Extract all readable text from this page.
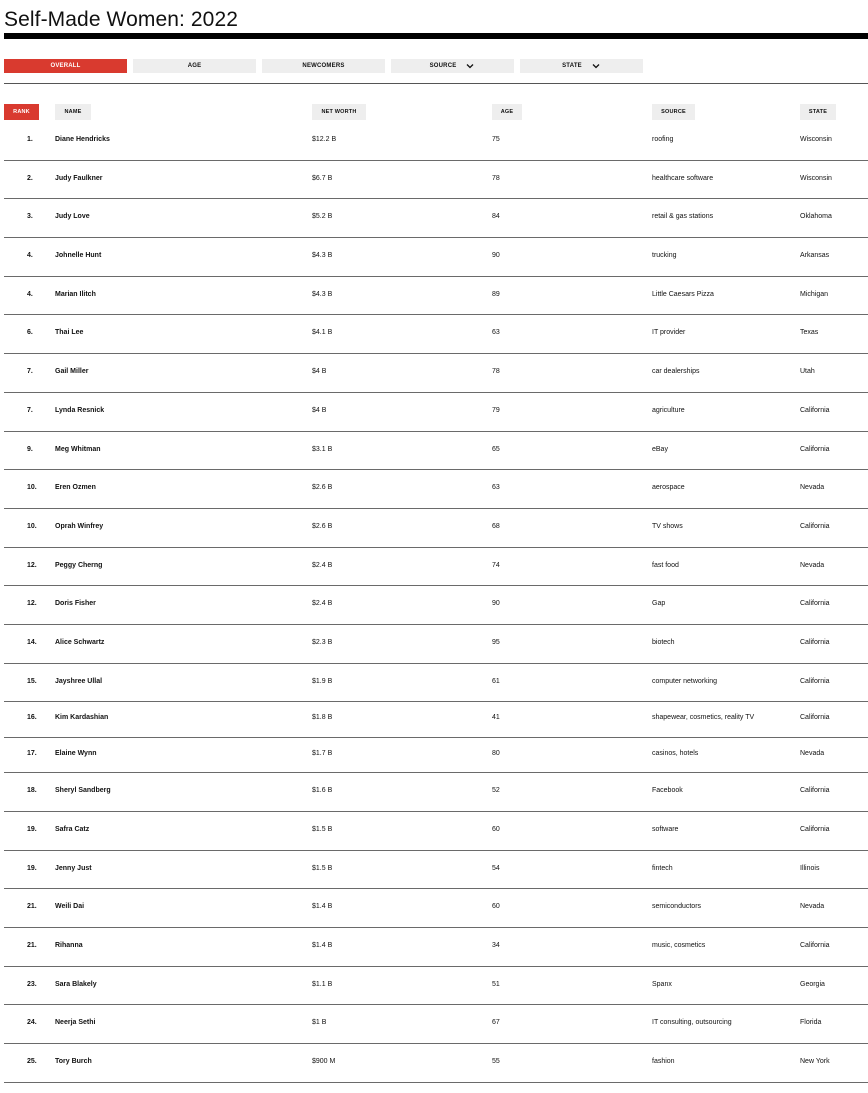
Self-Made Women: 2022
OVERALL	AGE	NEWCOMERS	SOURCE	STATE
RANK	NAME	NET WORTH	AGE	SOURCE	STATE
1.	Diane Hendricks	$12.2 B	75	roofing	Wisconsin
2.	Judy Faulkner	$6.7 B	78	healthcare software	Wisconsin
3.	Judy Love	$5.2 B	84	retail & gas stations	Oklahoma
4.	Johnelle Hunt	$4.3 B	90	trucking	Arkansas
4.	Marian Ilitch	$4.3 B	89	Little Caesars Pizza	Michigan
6.	Thai Lee	$4.1 B	63	IT provider	Texas
7.	Gail Miller	$4 B	78	car dealerships	Utah
7.	Lynda Resnick	$4 B	79	agriculture	California
9.	Meg Whitman	$3.1 B	65	eBay	California
10.	Eren Ozmen	$2.6 B	63	aerospace	Nevada
10.	Oprah Winfrey	$2.6 B	68	TV shows	California
12.	Peggy Cherng	$2.4 B	74	fast food	Nevada
12.	Doris Fisher	$2.4 B	90	Gap	California
14.	Alice Schwartz	$2.3 B	95	biotech	California
15.	Jayshree Ullal	$1.9 B	61	computer networking	California
16.	Kim Kardashian	$1.8 B	41	shapewear, cosmetics, reality TV	California
17.	Elaine Wynn	$1.7 B	80	casinos, hotels	Nevada
18.	Sheryl Sandberg	$1.6 B	52	Facebook	California
19.	Safra Catz	$1.5 B	60	software	California
19.	Jenny Just	$1.5 B	54	fintech	Illinois
21.	Weili Dai	$1.4 B	60	semiconductors	Nevada
21.	Rihanna	$1.4 B	34	music, cosmetics	California
23.	Sara Blakely	$1.1 B	51	Spanx	Georgia
24.	Neerja Sethi	$1 B	67	IT consulting, outsourcing	Florida
25.	Tory Burch	$900 M	55	fashion	New York
